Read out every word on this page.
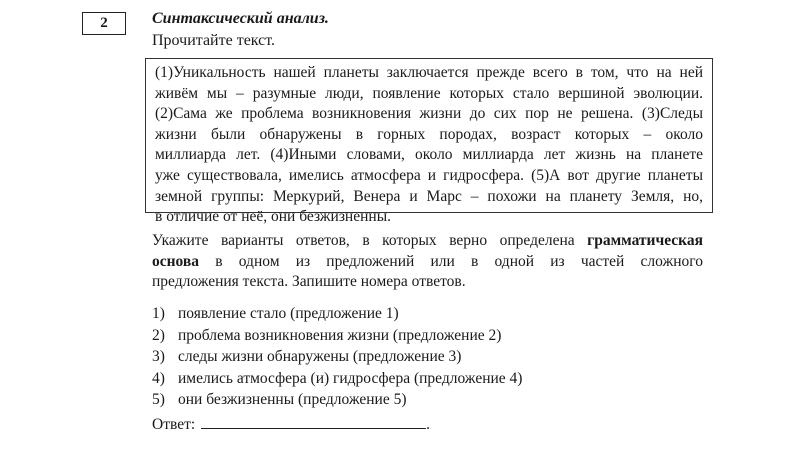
2	Синтаксический анализ.
Прочитайте текст.
(1)Уникальность нашей планеты заключается прежде всего в том, что на ней
живём мы – разумные люди, появление которых стало вершиной эволюции.
(2)Сама же проблема возникновения жизни до сих пор не решена. (3)Следы
жизни были обнаружены в горных породах, возраст которых – около
миллиарда лет. (4)Иными словами, около миллиарда лет жизнь на планете
уже существовала, имелись атмосфера и гидросфера. (5)А вот другие планеты
земной группы: Меркурий, Венера и Марс – похожи на планету Земля, но,
в отличие от неё, они безжизненны.
Укажите варианты ответов, в которых верно определена грамматическая
основа в одном из предложений или в одной из частей сложного
предложения текста. Запишите номера ответов.
1) появление стало (предложение 1)
2) проблема возникновения жизни (предложение 2)
3) следы жизни обнаружены (предложение 3)
4) имелись атмосфера (и) гидросфера (предложение 4)
5) они безжизненны (предложение 5)
Ответ:	.
